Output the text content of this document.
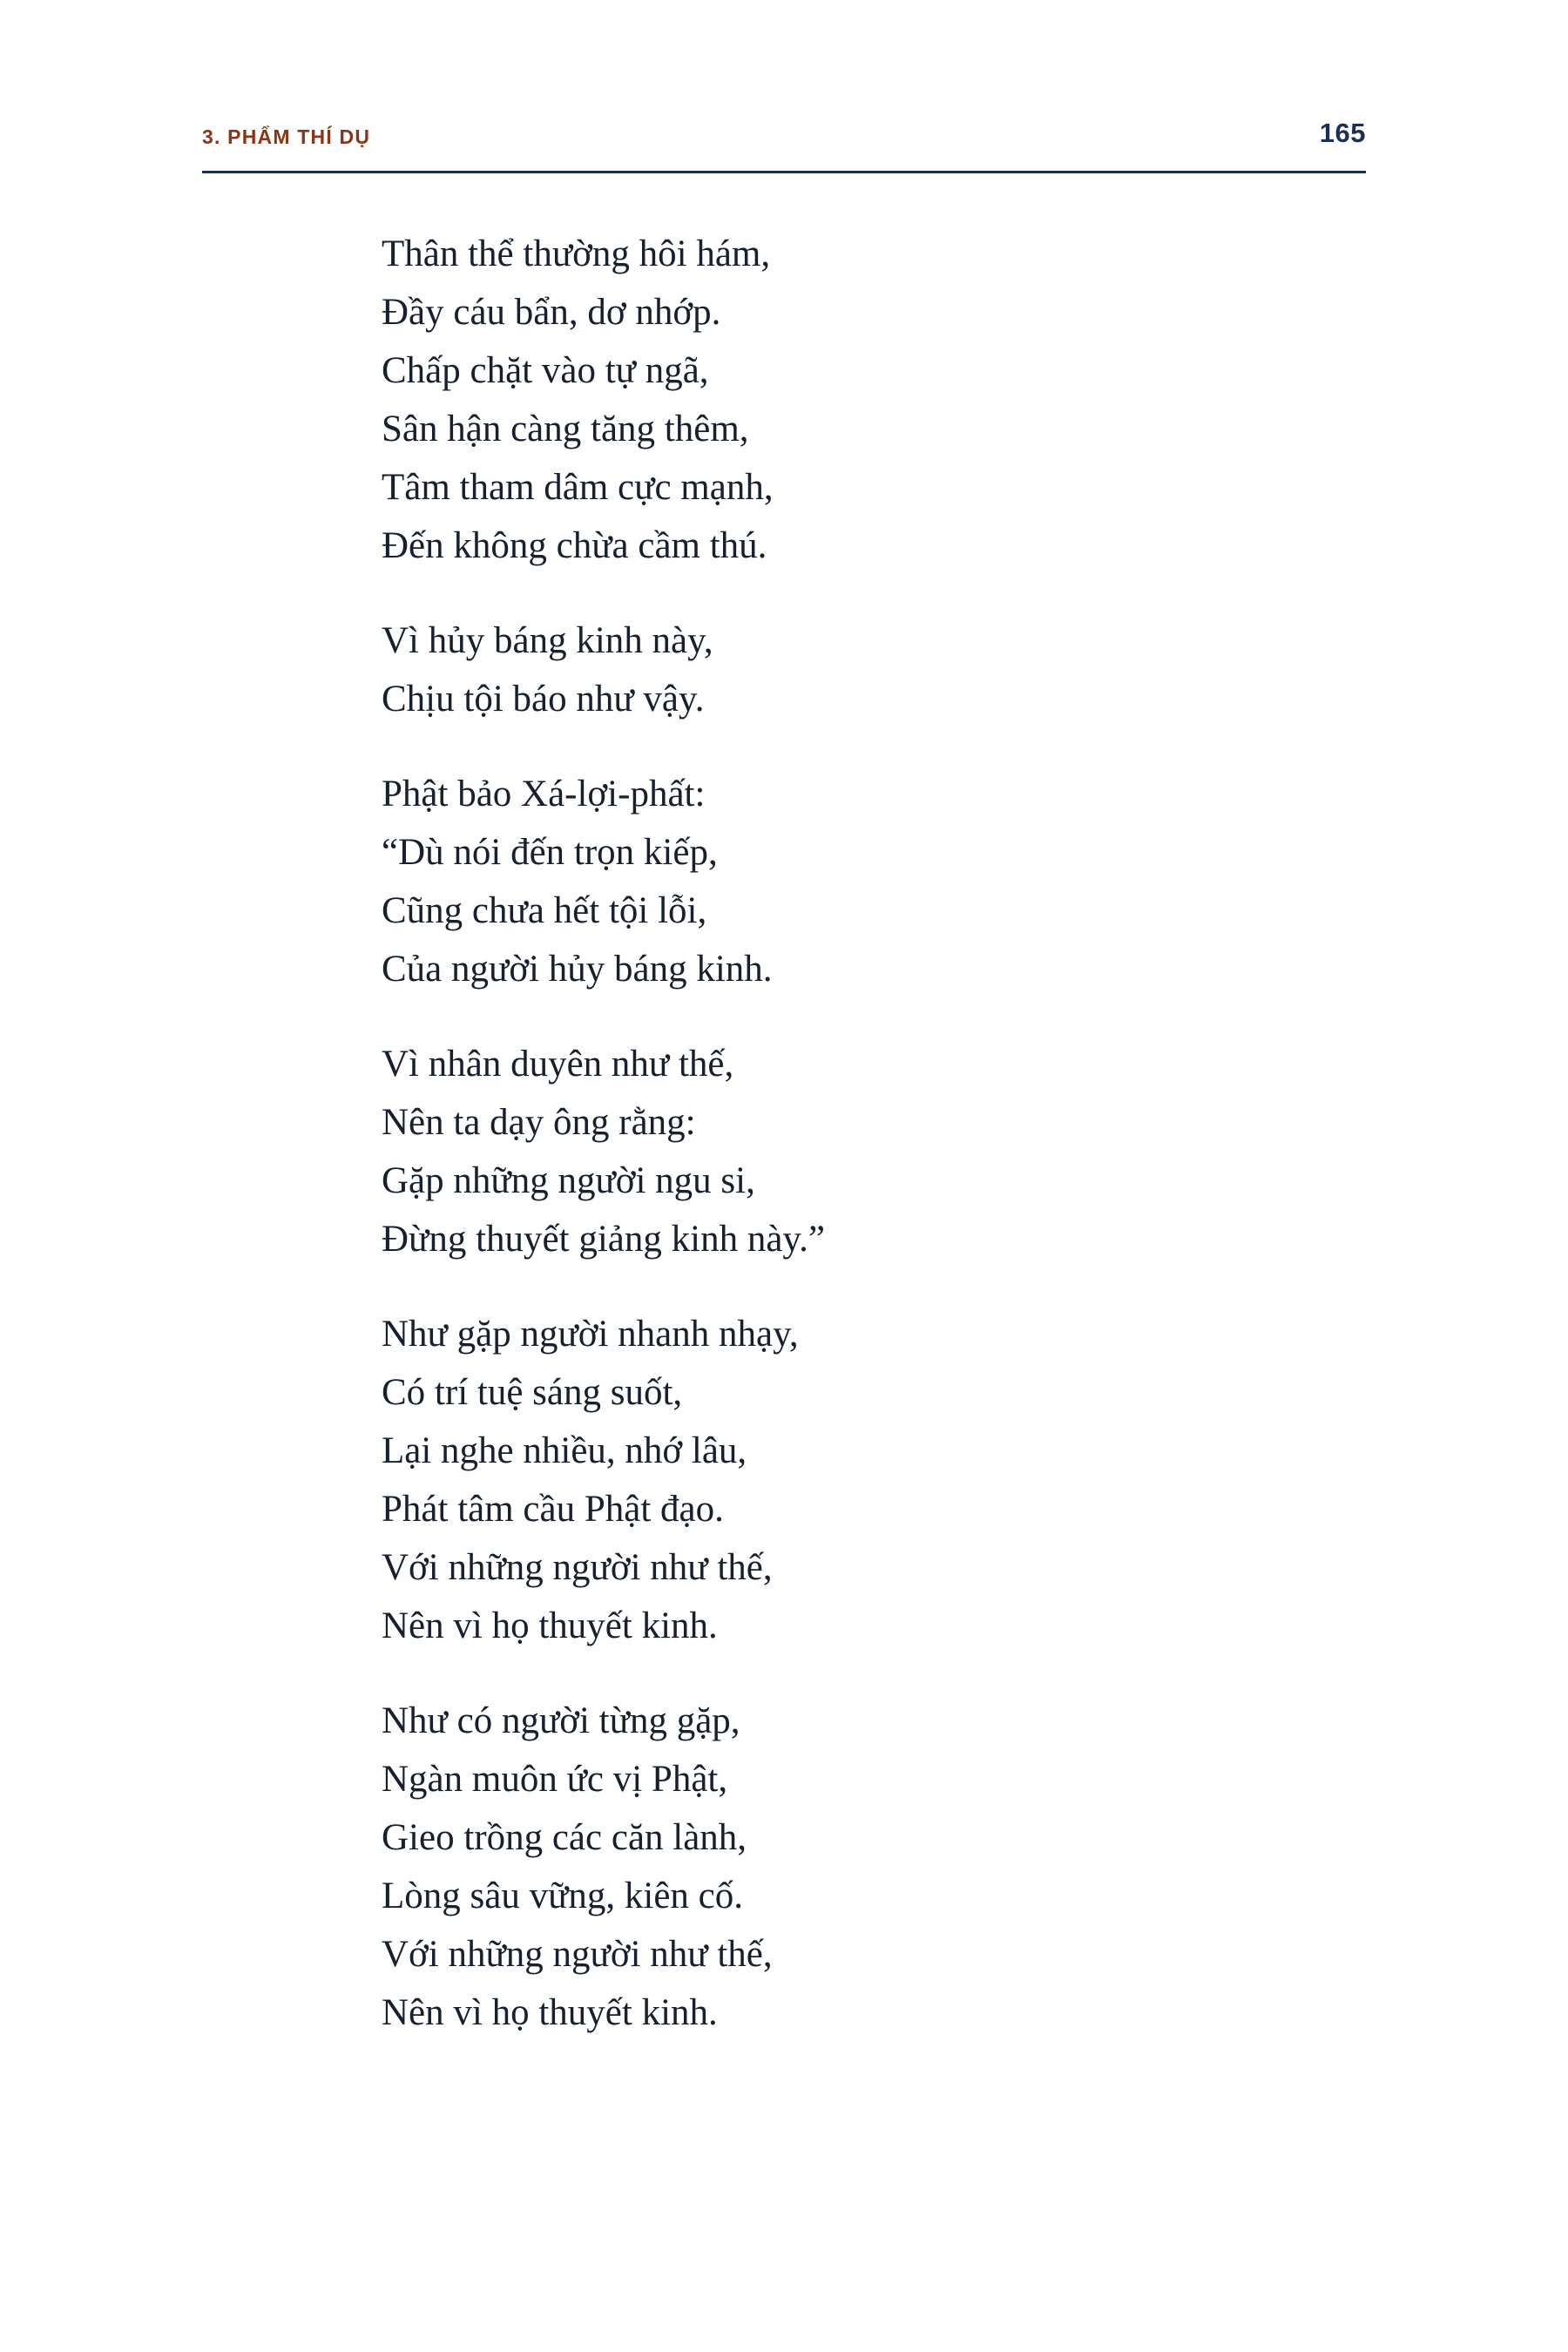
3. PHẨM THÍ DỤ	165
Thân thể thường hôi hám,
Đầy cáu bẩn, dơ nhớp.
Chấp chặt vào tự ngã,
Sân hận càng tăng thêm,
Tâm tham dâm cực mạnh,
Đến không chừa cầm thú.
Vì hủy báng kinh này,
Chịu tội báo như vậy.
Phật bảo Xá-lợi-phất:
“Dù nói đến trọn kiếp,
Cũng chưa hết tội lỗi,
Của người hủy báng kinh.
Vì nhân duyên như thế,
Nên ta dạy ông rằng:
Gặp những người ngu si,
Đừng thuyết giảng kinh này.”
Như gặp người nhanh nhạy,
Có trí tuệ sáng suốt,
Lại nghe nhiều, nhớ lâu,
Phát tâm cầu Phật đạo.
Với những người như thế,
Nên vì họ thuyết kinh.
Như có người từng gặp,
Ngàn muôn ức vị Phật,
Gieo trồng các căn lành,
Lòng sâu vững, kiên cố.
Với những người như thế,
Nên vì họ thuyết kinh.
